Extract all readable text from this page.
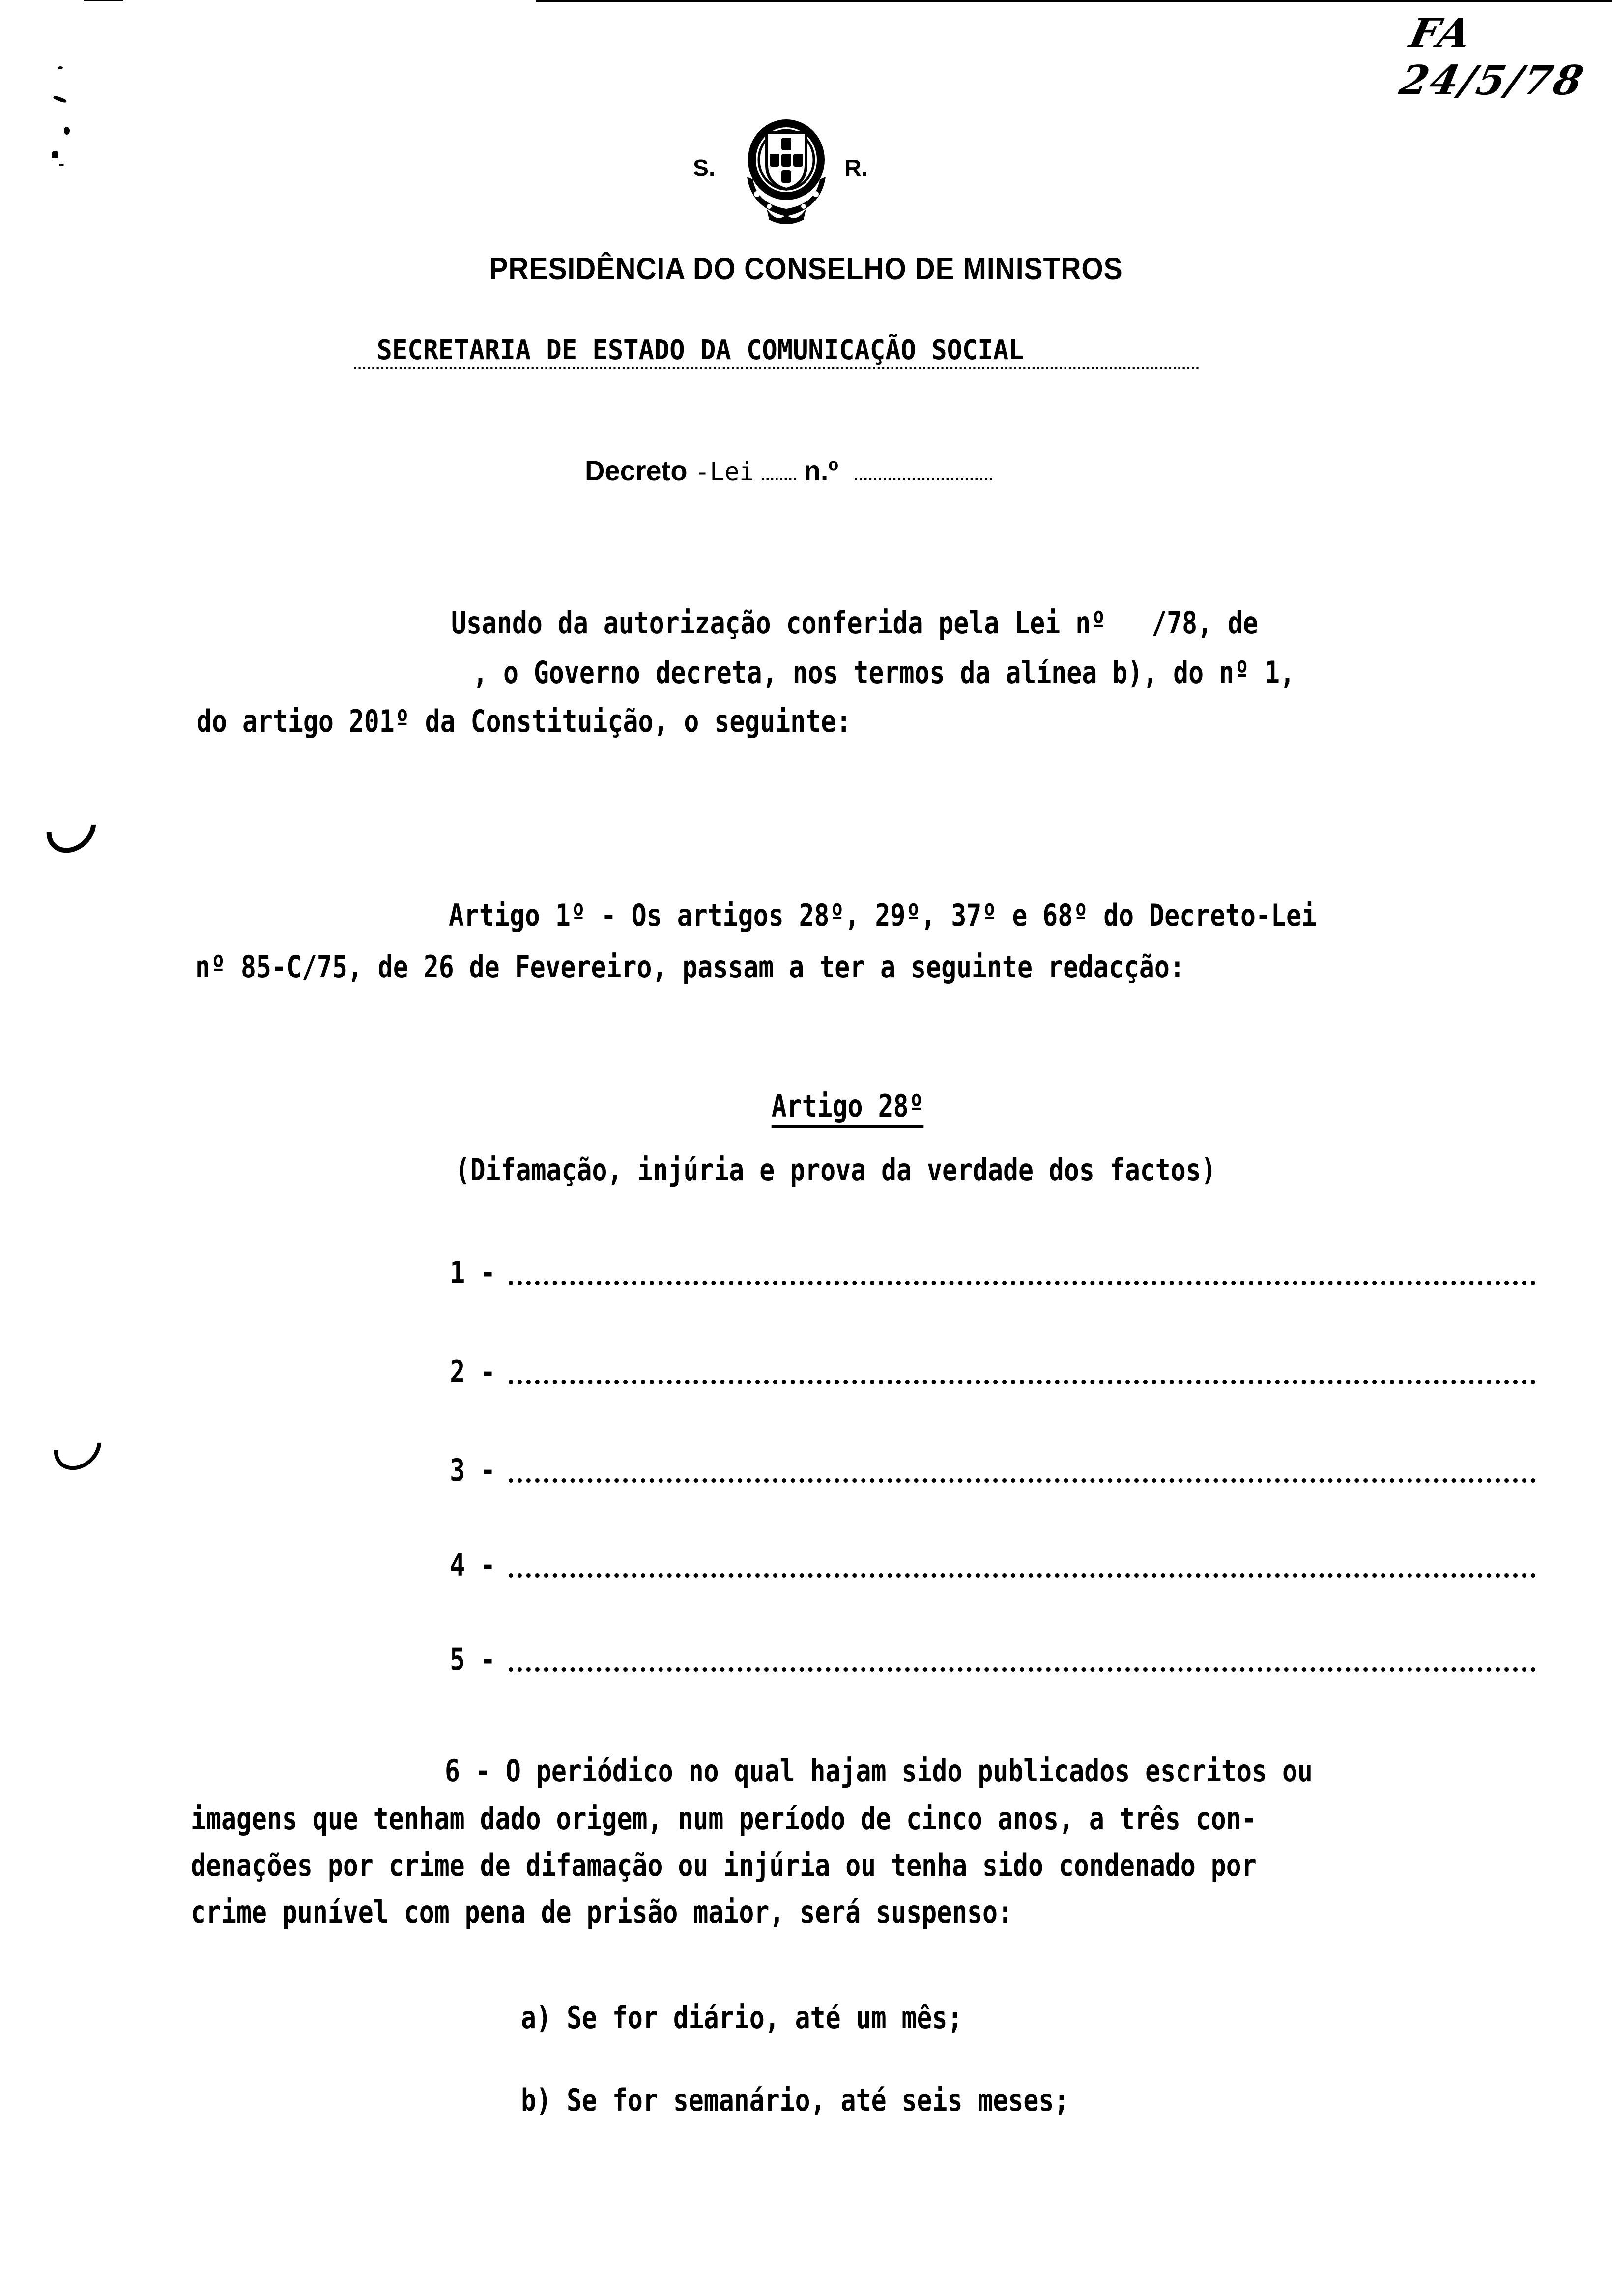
FA 24/5/78
S.	R.
PRESIDÊNCIA DO CONSELHO DE MINISTROS
SECRETARIA DE ESTADO DA COMUNICAÇÃO SOCIAL
Decreto -Lei n.º
Usando da autorização conferida pela Lei nº   /78, de
, o Governo decreta, nos termos da alínea b), do nº 1,
do artigo 201º da Constituição, o seguinte:
Artigo 1º - Os artigos 28º, 29º, 37º e 68º do Decreto-Lei
nº 85-C/75, de 26 de Fevereiro, passam a ter a seguinte redacção:
Artigo 28º
(Difamação, injúria e prova da verdade dos factos)
1 -
2 -
3 -
4 -
5 -
6 - O periódico no qual hajam sido publicados escritos ou
imagens que tenham dado origem, num período de cinco anos, a três con-
denações por crime de difamação ou injúria ou tenha sido condenado por
crime punível com pena de prisão maior, será suspenso:
a) Se for diário, até um mês;
b) Se for semanário, até seis meses;
